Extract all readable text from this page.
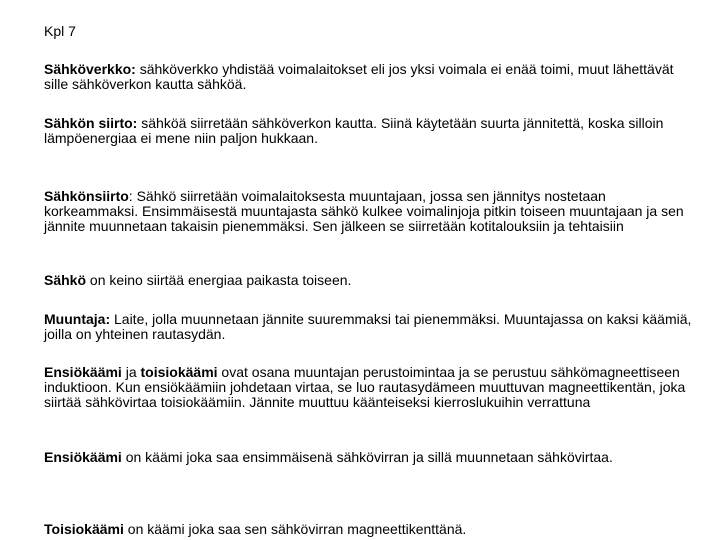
Kpl 7

Sähköverkko: sähköverkko yhdistää voimalaitokset eli jos yksi voimala ei enää toimi, muut lähettävät sille sähköverkon kautta sähköä.

Sähkön siirto: sähköä siirretään sähköverkon kautta. Siinä käytetään suurta jännitettä, koska silloin lämpöenergiaa ei mene niin paljon hukkaan.

Sähkönsiirto: Sähkö siirretään voimalaitoksesta muuntajaan, jossa sen jännitys nostetaan korkeammaksi. Ensimmäisestä muuntajasta sähkö kulkee voimalinjoja pitkin toiseen muuntajaan ja sen jännite muunnetaan takaisin pienemmäksi. Sen jälkeen se siirretään kotitalouksiin ja tehtaisiin

Sähkö on keino siirtää energiaa paikasta toiseen.

Muuntaja: Laite, jolla muunnetaan jännite suuremmaksi tai pienemmäksi. Muuntajassa on kaksi käämiä, joilla on yhteinen rautasydän.

Ensiökäämi ja toisiokäämi ovat osana muuntajan perustoimintaa ja se perustuu sähkömagneettiseen induktioon. Kun ensiökäämiin johdetaan virtaa, se luo rautasydämeen muuttuvan magneettikentän, joka siirtää sähkövirtaa toisiokäämiin. Jännite muuttuu käänteiseksi kierroslukuihin verrattuna

Ensiökäämi on käämi joka saa ensimmäisenä sähkövirran ja sillä muunnetaan sähkövirtaa.

Toisiokäämi on käämi joka saa sen sähkövirran magneettikenttänä.
